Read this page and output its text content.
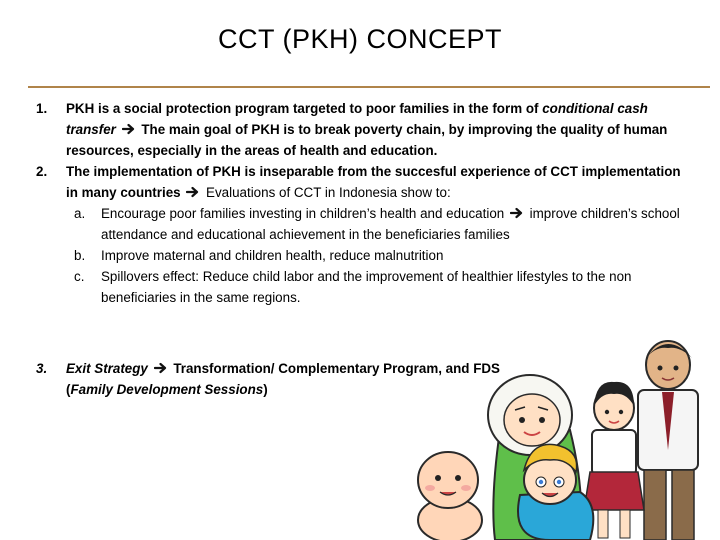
CCT (PKH) CONCEPT
1.	PKH is a social protection program targeted to poor families in the form of conditional cash transfer  The main goal of PKH is to break poverty chain, by improving the quality of human resources, especially in the areas of health and education.
2.	The implementation of PKH is inseparable from the succesful experience of CCT implementation in many countries  Evaluations of CCT in Indonesia show to:
a.	Encourage poor families investing in children’s health and education  improve children’s school attendance and educational achievement in the beneficiaries families
b.	Improve maternal and children health, reduce malnutrition
c.	Spillovers effect: Reduce child labor and the improvement of healthier lifestyles to the non beneficiaries in the same regions.
3.	Exit Strategy  Transformation/ Complementary Program, and FDS (Family Development Sessions)
